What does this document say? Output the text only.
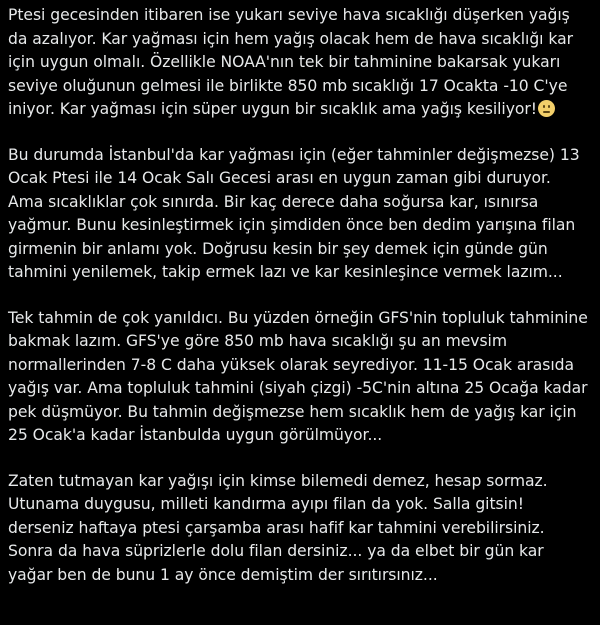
Ptesi gecesinden itibaren ise yukarı seviye hava sıcaklığı düşerken yağış da azalıyor. Kar yağması için hem yağış olacak hem de hava sıcaklığı kar için uygun olmalı. Özellikle NOAA'nın tek bir tahminine bakarsak yukarı seviye oluğunun gelmesi ile birlikte 850 mb sıcaklığı 17 Ocakta -10 C'ye iniyor. Kar yağması için süper uygun bir sıcaklık ama yağış kesiliyor!

Bu durumda İstanbul'da kar yağması için (eğer tahminler değişmezse) 13 Ocak Ptesi ile 14 Ocak Salı Gecesi arası en uygun zaman gibi duruyor. Ama sıcaklıklar çok sınırda. Bir kaç derece daha soğursa kar, ısınırsa yağmur. Bunu kesinleştirmek için şimdiden önce ben dedim yarışına filan girmenin bir anlamı yok. Doğrusu kesin bir şey demek için günde gün tahmini yenilemek, takip ermek lazı ve kar kesinleşince vermek lazım...

Tek tahmin de çok yanıldıcı. Bu yüzden örneğin GFS'nin topluluk tahminine bakmak lazım. GFS'ye göre 850 mb hava sıcaklığı şu an mevsim normallerinden 7-8 C daha yüksek olarak seyrediyor. 11-15 Ocak arasıda yağış var. Ama topluluk tahmini (siyah çizgi) -5C'nin altına 25 Ocağa kadar pek düşmüyor. Bu tahmin değişmezse hem sıcaklık hem de yağış kar için 25 Ocak'a kadar İstanbulda uygun görülmüyor...

Zaten tutmayan kar yağışı için kimse bilemedi demez, hesap sormaz. Utunama duygusu, milleti kandırma ayıpı filan da yok. Salla gitsin! derseniz haftaya ptesi çarşamba arası hafif kar tahmini verebilirsiniz. Sonra da hava süprizlerle dolu filan dersiniz... ya da elbet bir gün kar yağar ben de bunu 1 ay önce demiştim der sırıtırsınız...
